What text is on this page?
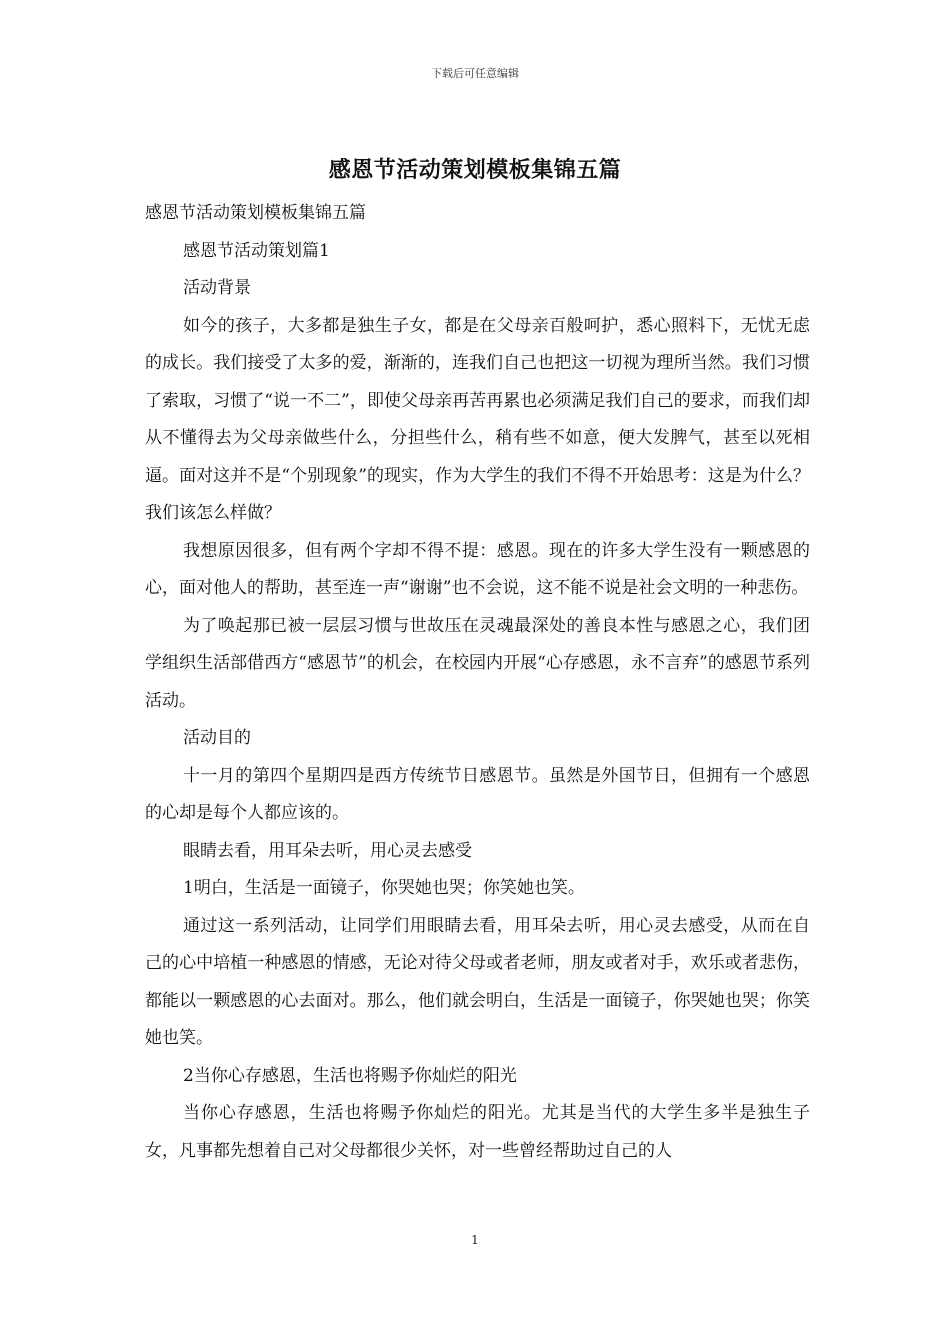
下载后可任意编辑
感恩节活动策划模板集锦五篇

感恩节活动策划模板集锦五篇

感恩节活动策划篇1

活动背景

如今的孩子，大多都是独生子女，都是在父母亲百般呵护，悉心照料下，无忧无虑的成长。我们接受了太多的爱，渐渐的，连我们自己也把这一切视为理所当然。我们习惯了索取，习惯了“说一不二”，即使父母亲再苦再累也必须满足我们自己的要求，而我们却从不懂得去为父母亲做些什么，分担些什么，稍有些不如意，便大发脾气，甚至以死相逼。面对这并不是“个别现象”的现实，作为大学生的我们不得不开始思考：这是为什么？我们该怎么样做？

我想原因很多，但有两个字却不得不提：感恩。现在的许多大学生没有一颗感恩的心，面对他人的帮助，甚至连一声“谢谢”也不会说，这不能不说是社会文明的一种悲伤。

为了唤起那已被一层层习惯与世故压在灵魂最深处的善良本性与感恩之心，我们团学组织生活部借西方“感恩节”的机会，在校园内开展“心存感恩，永不言弃”的感恩节系列活动。

活动目的

十一月的第四个星期四是西方传统节日感恩节。虽然是外国节日，但拥有一个感恩的心却是每个人都应该的。

眼睛去看，用耳朵去听，用心灵去感受

1明白，生活是一面镜子，你哭她也哭；你笑她也笑。

通过这一系列活动，让同学们用眼睛去看，用耳朵去听，用心灵去感受，从而在自己的心中培植一种感恩的情感，无论对待父母或者老师，朋友或者对手，欢乐或者悲伤，都能以一颗感恩的心去面对。那么，他们就会明白，生活是一面镜子，你哭她也哭；你笑她也笑。

2当你心存感恩，生活也将赐予你灿烂的阳光

当你心存感恩，生活也将赐予你灿烂的阳光。尤其是当代的大学生多半是独生子女，凡事都先想着自己对父母都很少关怀，对一些曾经帮助过自己的人

1
